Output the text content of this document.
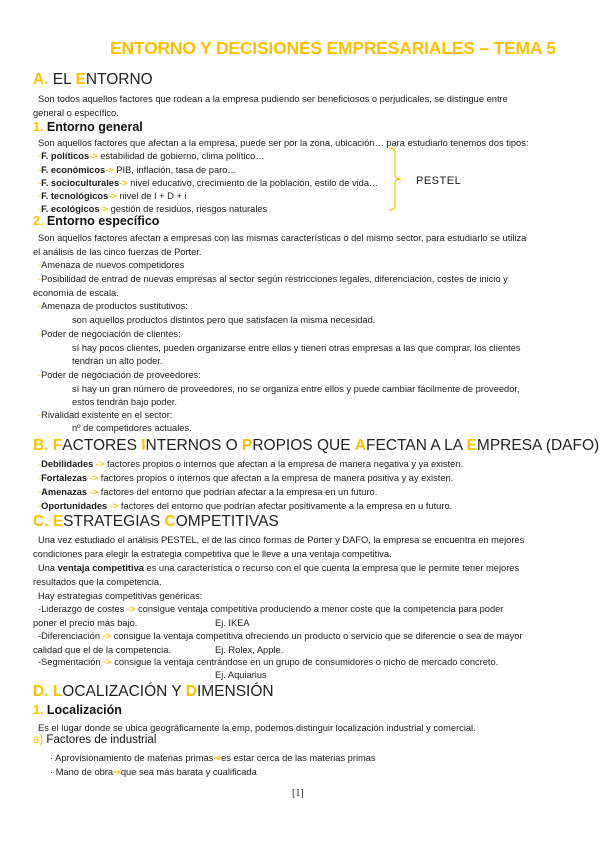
ENTORNO Y DECISIONES EMPRESARIALES – TEMA 5
A. EL ENTORNO
Son todos aquellos factores que rodean a la empresa pudiendo ser beneficiosos o perjudicales, se distingue entre
general o específico.
1. Entorno general
Son aquellos factores que afectan a la empresa, puede ser por la zona, ubicación… para estudiarlo tenemos dos tipos:
-F. políticos-> estabilidad de gobierno, clima político…
-F. económicos-> PIB, inflación, tasa de paro…
-F. socioculturales-> nivel educativo, crecimiento de la población, estilo de vida…
-F. tecnológicos-> nivel de I + D + i
-F. ecológicos-> gestión de residuos, riesgos naturales
PESTEL
2. Entorno específico
Son aquellos factores afectan a empresas con las mismas características o del mismo sector, para estudiarlo se utiliza
el análisis de las cinco fuerzas de Porter.
-Amenaza de nuevos competidores
-Posibilidad de entrad de nuevas empresas al sector según restricciones legales, diferenciación, costes de inicio y
economía de escala.
-Amenaza de productos sustitutivos:
son aquellos productos distintos pero que satisfacen la misma necesidad.
-Poder de negociación de clientes:
sí hay pocos clientes, pueden organizarse entre ellos y tienen otras empresas a las que comprar, los clientes
tendrán un alto poder.
-Poder de negociación de proveedores:
sí hay un gran número de proveedores, no se organiza entre ellos y puede cambiar fácilmente de proveedor,
estos tendrán bajo poder.
-Rivalidad existente en el sector:
nº de competidores actuales.
B. FACTORES INTERNOS O PROPIOS QUE AFECTAN A LA EMPRESA (DAFO)
-Debilidades -> factores propios o internos que afectan a la empresa de manera negativa y ya existen.
-Fortalezas -> factores propios o internos que afectan a la empresa de manera positiva y ay existen.
-Amenazas -> factores del entorno que podrían afectar a la empresa en un futuro.
-Oportunidades -> factores del entorno que podrían afectar positivamente a la empresa en u futuro.
C. ESTRATEGIAS COMPETITIVAS
Una vez estudiado el análisis PESTEL, el de las cinco formas de Porter y DAFO, la empresa se encuentra en mejores
condiciones para elegir la estrategia competitiva que le lleve a una ventaja competitiva.
Una ventaja competitiva es una característica o recurso con el que cuenta la empresa que le permite tener mejores
resultados que la competencia.
Hay estrategias competitivas genéricas:
-Liderazgo de costes -> consigue ventaja competitiva produciendo a menor coste que la competencia para poder
poner el precio más bajo.	Ej. IKEA
-Diferenciación -> consigue la ventaja competitiva ofreciendo un producto o servicio que se diferencie o sea de mayor
calidad que el de la competencia.	Ej. Rolex, Apple.
-Segmentación -> consigue la ventaja centrándose en un grupo de consumidores o nicho de mercado concreto.
Ej. Aquiarius
D. LOCALIZACIÓN Y DIMENSIÓN
1. Localización
Es el lugar donde se ubica geográficamente la emp, podemos distinguir localización industrial y comercial.
a) Factores de industrial
· Aprovisionamiento de materias primas➔es estar cerca de las materias primas
· Mano de obra➔que sea más barata y cualificada
[1]
